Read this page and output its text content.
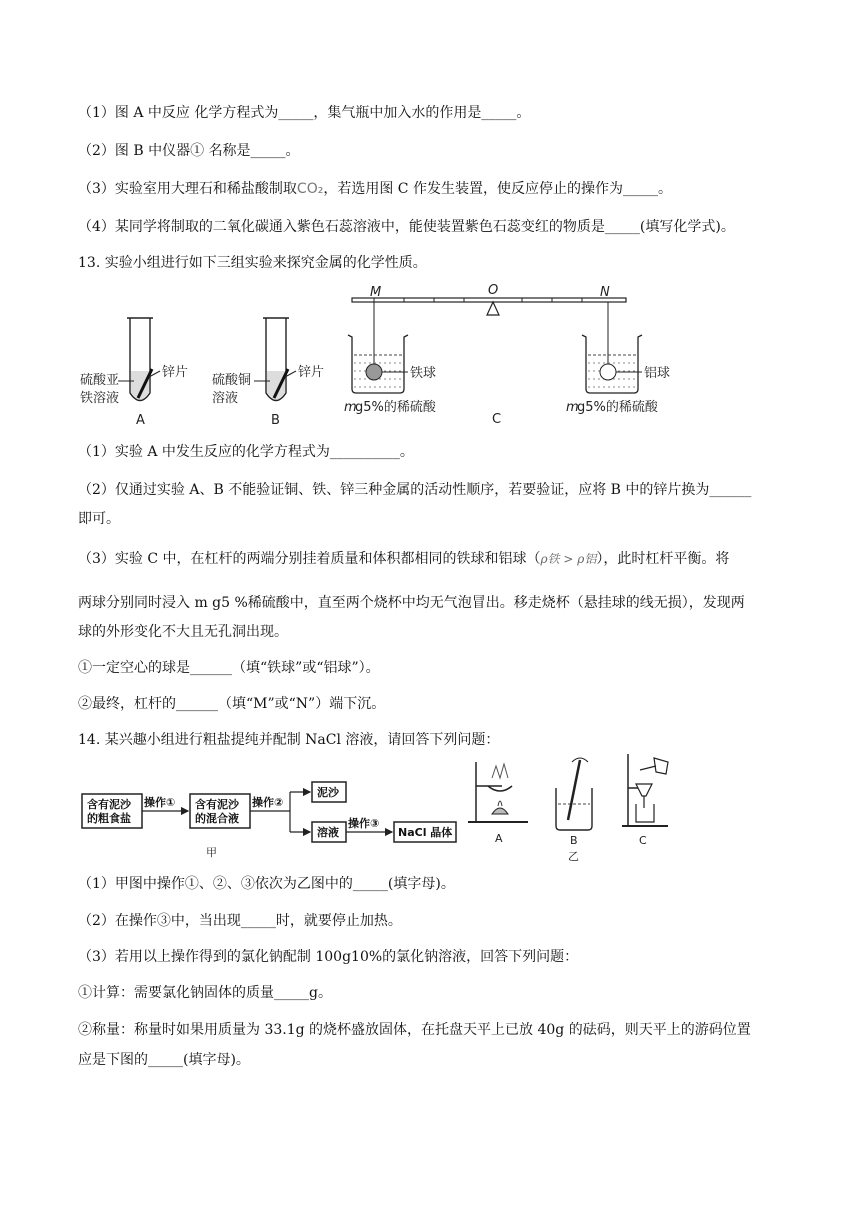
（1）图 A 中反应 化学方程式为_____，集气瓶中加入水的作用是_____。
（2）图 B 中仪器① 名称是_____。
（3）实验室用大理石和稀盐酸制取CO₂，若选用图 C 作发生装置，使反应停止的操作为_____。
（4）某同学将制取的二氧化碳通入紫色石蕊溶液中，能使装置紫色石蕊变红的物质是_____(填写化学式)。
13. 实验小组进行如下三组实验来探究金属的化学性质。
锌片
硫酸亚
铁溶液
A
锌片
硫酸铜
溶液
B
M	O	N
铁球
m
g5%的稀硫酸
铝球
m
g5%的稀硫酸
C
（1）实验 A 中发生反应的化学方程式为__________。
（2）仅通过实验 A、B 不能验证铜、铁、锌三种金属的活动性顺序，若要验证，应将 B 中的锌片换为______
即可。
（3）实验 C 中，在杠杆的两端分别挂着质量和体积都相同的铁球和铝球（ρ铁 > ρ铝），此时杠杆平衡。将
两球分别同时浸入 m g5 %稀硫酸中，直至两个烧杯中均无气泡冒出。移走烧杯（悬挂球的线无损），发现两
球的外形变化不大且无孔洞出现。
①一定空心的球是______（填“铁球”或“铝球”）。
②最终，杠杆的______（填“M”或“N”）端下沉。
14. 某兴趣小组进行粗盐提纯并配制 NaCl 溶液，请回答下列问题：
含有泥沙
的粗食盐
操作① 含有泥沙
的混合液
操作②
泥沙
溶液
操作③
NaCl 晶体
甲
A	B
乙
C
（1）甲图中操作①、②、③依次为乙图中的_____(填字母)。
（2）在操作③中，当出现_____时，就要停止加热。
（3）若用以上操作得到的氯化钠配制 100g10%的氯化钠溶液，回答下列问题：
①计算：需要氯化钠固体的质量_____g。
②称量：称量时如果用质量为 33.1g 的烧杯盛放固体，在托盘天平上已放 40g 的砝码，则天平上的游码位置
应是下图的_____(填字母)。
